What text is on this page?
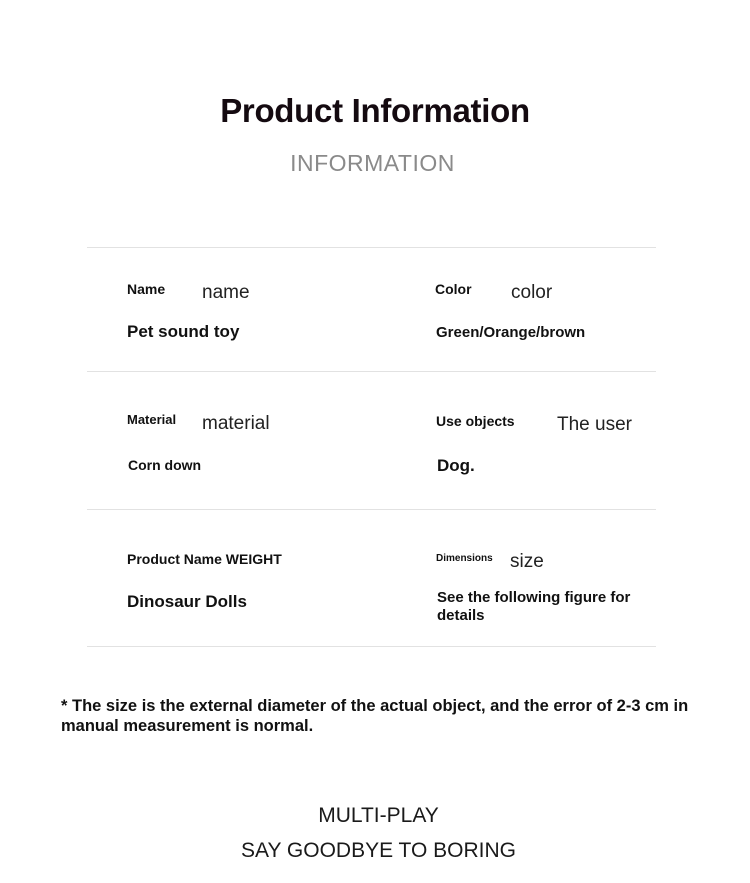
Product Information
INFORMATION
Name name
Pet sound toy
Color color
Green/Orange/brown
Material material
Corn down
Use objects The user
Dog.
Product Name WEIGHT
Dinosaur Dolls
Dimensions size
See the following figure for details
* The size is the external diameter of the actual object, and the error of 2-3 cm in manual measurement is normal.
MULTI-PLAY
SAY GOODBYE TO BORING
